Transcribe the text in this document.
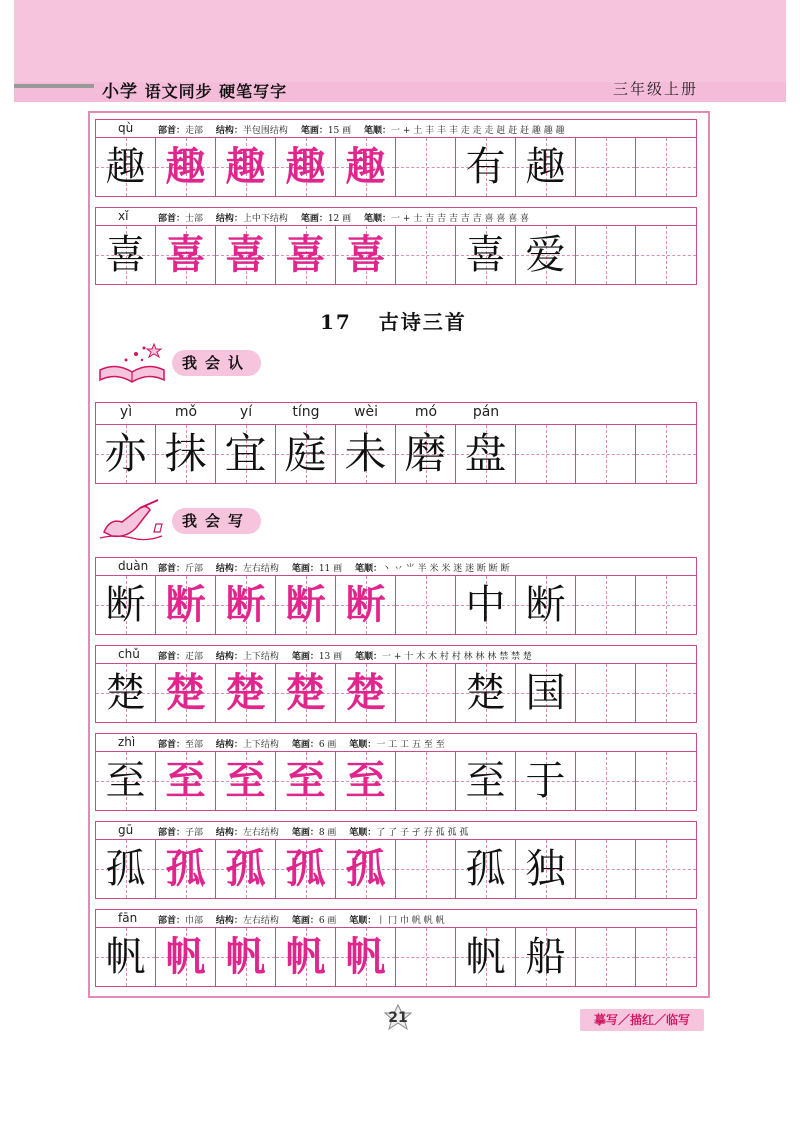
小学 语文同步 硬笔写字	三年级上册
qù	部首：走部 结构：半包围结构 笔画：15 画 笔顺：一 + 土 丰 丰 丰 走 走 走 赳 赶 赶 趣 趣 趣
趣 趣 趣 趣 趣 有 趣
xǐ	部首：士部 结构：上中下结构 笔画：12 画 笔顺：一 + 士 吉 吉 吉 吉 吉 喜 喜 喜 喜
喜 喜 喜 喜 喜 喜 爱
17 古诗三首
我会认
yì	mǒ	yí	tíng	wèi	mó	pán
亦 抹 宜 庭 未 磨 盘
我会写
duàn 部首：斤部 结构：左右结构 笔画：11 画 笔顺：丶 丷 ⺌ 半 米 米 迷 迷 断 断 断
断 断 断 断 断 中 断
chǔ 部首：疋部 结构：上下结构 笔画：13 画 笔顺：一 + 十 木 木 村 村 林 林 林 禁 禁 楚
楚 楚 楚 楚 楚 楚 国
zhì	部首：至部 结构：上下结构 笔画：6 画 笔顺：一 工 工 五 至 至
至 至 至 至 至 至 于
gū	部首：子部 结构：左右结构 笔画：8 画 笔顺：了 了 子 孑 孖 孤 孤 孤
孤 孤 孤 孤 孤 孤 独
fān 部首：巾部 结构：左右结构 笔画：6 画 笔顺：丨 冂 巾 帆 帆 帆
帆 帆 帆 帆 帆 帆 船
21	摹写／描红／临写
